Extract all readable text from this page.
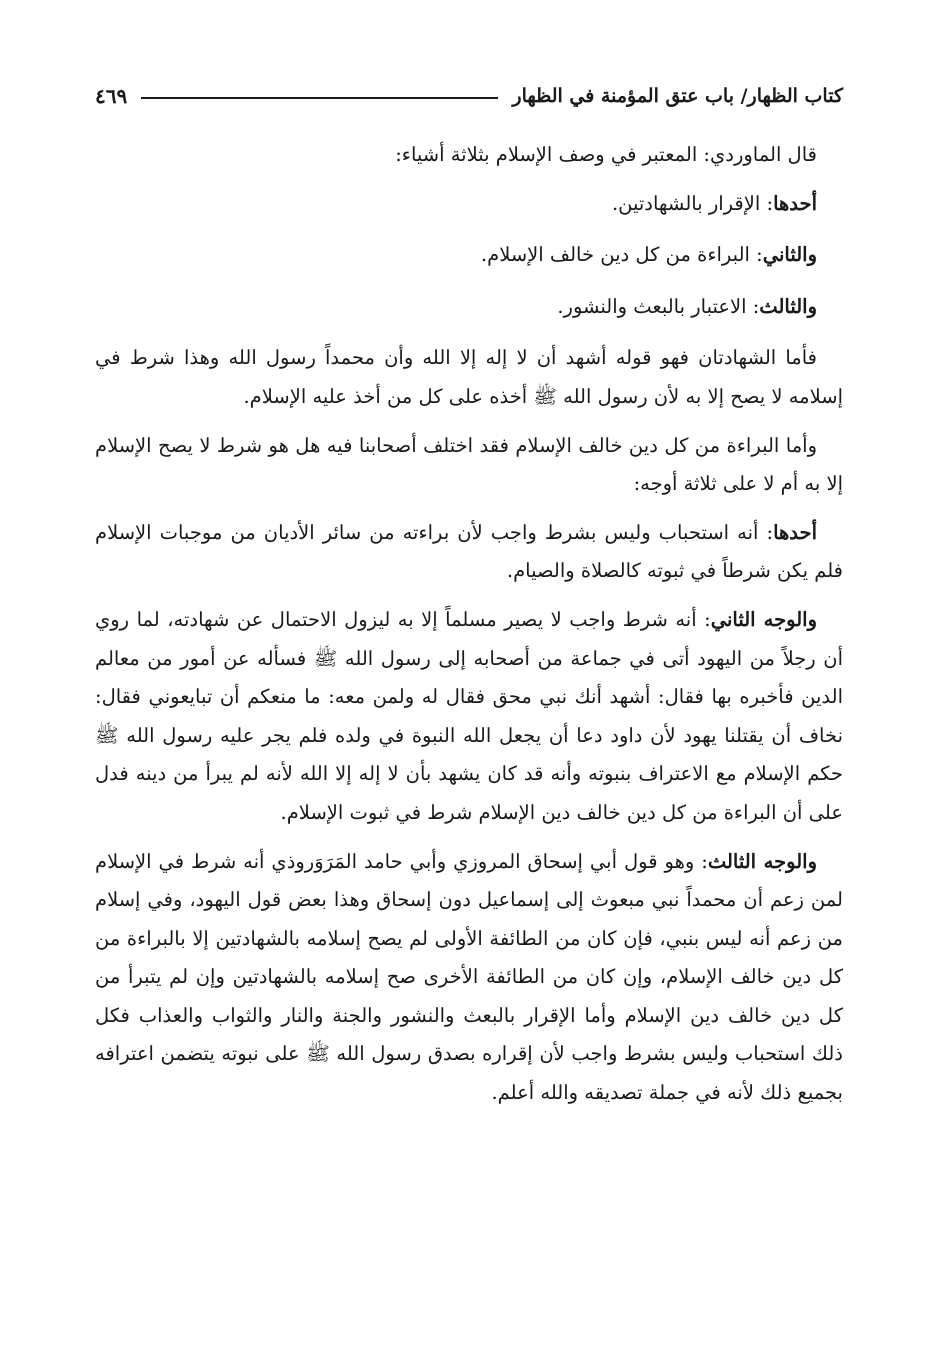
كتاب الظهار/ باب عتق المؤمنة في الظهار
٤٦٩

قال الماوردي: المعتبر في وصف الإسلام بثلاثة أشياء:

أحدها: الإقرار بالشهادتين.

والثاني: البراءة من كل دين خالف الإسلام.

والثالث: الاعتبار بالبعث والنشور.

فأما الشهادتان فهو قوله أشهد أن لا إله إلا الله وأن محمداً رسول الله وهذا شرط في إسلامه لا يصح إلا به لأن رسول الله ﷺ أخذه على كل من أخذ عليه الإسلام.

وأما البراءة من كل دين خالف الإسلام فقد اختلف أصحابنا فيه هل هو شرط لا يصح الإسلام إلا به أم لا على ثلاثة أوجه:

أحدها: أنه استحباب وليس بشرط واجب لأن براءته من سائر الأديان من موجبات الإسلام فلم يكن شرطاً في ثبوته كالصلاة والصيام.

والوجه الثاني: أنه شرط واجب لا يصير مسلماً إلا به ليزول الاحتمال عن شهادته، لما روي أن رجلاً من اليهود أتى في جماعة من أصحابه إلى رسول الله ﷺ فسأله عن أمور من معالم الدين فأخبره بها فقال: أشهد أنك نبي محق فقال له ولمن معه: ما منعكم أن تبايعوني فقال: نخاف أن يقتلنا يهود لأن داود دعا أن يجعل الله النبوة في ولده فلم يجر عليه رسول الله ﷺ حكم الإسلام مع الاعتراف بنبوته وأنه قد كان يشهد بأن لا إله إلا الله لأنه لم يبرأ من دينه فدل على أن البراءة من كل دين خالف دين الإسلام شرط في ثبوت الإسلام.

والوجه الثالث: وهو قول أبي إسحاق المروزي وأبي حامد المَرَوَروذي أنه شرط في الإسلام لمن زعم أن محمداً نبي مبعوث إلى إسماعيل دون إسحاق وهذا بعض قول اليهود، وفي إسلام من زعم أنه ليس بنبي، فإن كان من الطائفة الأولى لم يصح إسلامه بالشهادتين إلا بالبراءة من كل دين خالف الإسلام، وإن كان من الطائفة الأخرى صح إسلامه بالشهادتين وإن لم يتبرأ من كل دين خالف دين الإسلام وأما الإقرار بالبعث والنشور والجنة والنار والثواب والعذاب فكل ذلك استحباب وليس بشرط واجب لأن إقراره بصدق رسول الله ﷺ على نبوته يتضمن اعترافه بجميع ذلك لأنه في جملة تصديقه والله أعلم.
